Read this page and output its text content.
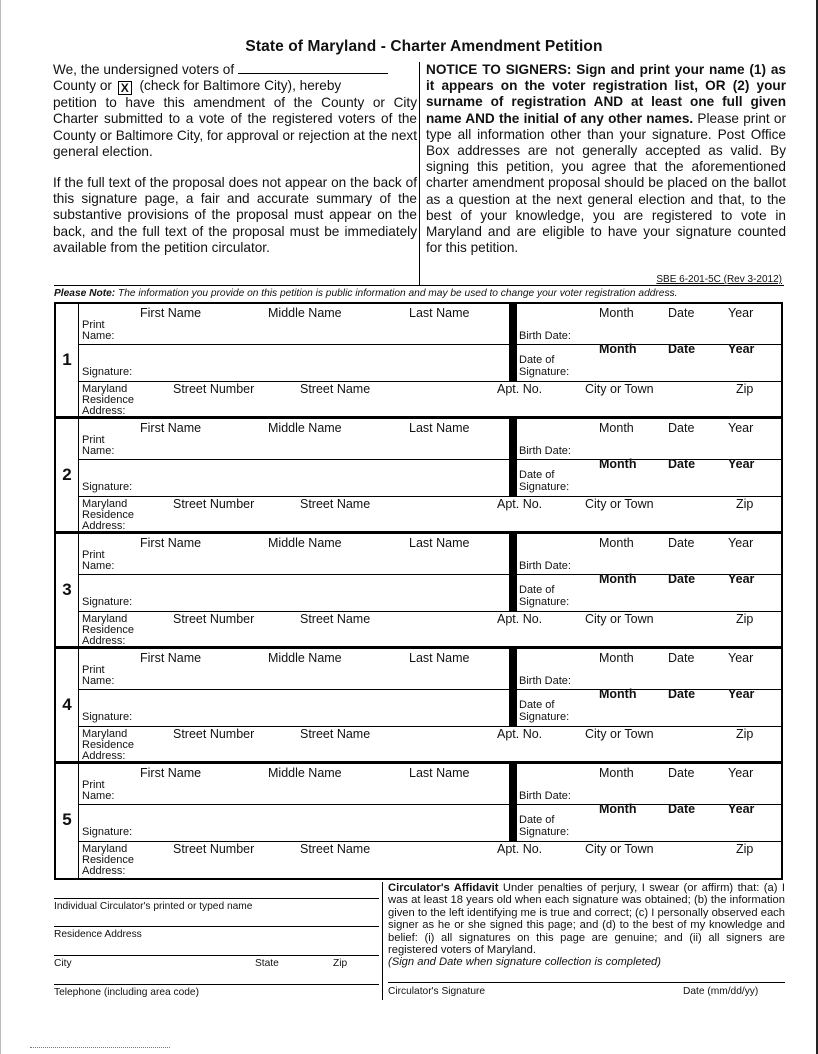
State of Maryland - Charter Amendment Petition
We, the undersigned voters of
County or X (check for Baltimore City), hereby
petition to have this amendment of the County or City Charter submitted to a vote of the registered voters of the County or Baltimore City, for approval or rejection at the next general election.
If the full text of the proposal does not appear on the back of this signature page, a fair and accurate summary of the substantive provisions of the proposal must appear on the back, and the full text of the proposal must be immediately available from the petition circulator.
NOTICE TO SIGNERS: Sign and print your name (1) as it appears on the voter registration list, OR (2) your surname of registration AND at least one full given name AND the initial of any other names. Please print or type all information other than your signature. Post Office Box addresses are not generally accepted as valid. By signing this petition, you agree that the aforementioned charter amendment proposal should be placed on the ballot as a question at the next general election and that, to the best of your knowledge, you are registered to vote in Maryland and are eligible to have your signature counted for this petition.
SBE 6-201-5C (Rev 3-2012)
Please Note: The information you provide on this petition is public information and may be used to change your voter registration address.
1
First Name	Middle Name	Last Name
Print
Name:
Month	Date	Year
Birth Date:
Month	Date	Year
Date of
Signature:
Signature:
Maryland
Residence
Address:
Street Number	Street Name	Apt. No.	City or Town	Zip
2
First Name	Middle Name	Last Name
Print
Name:
Month	Date	Year
Birth Date:
Month	Date	Year
Date of
Signature:
Signature:
Maryland
Residence
Address:
Street Number	Street Name	Apt. No.	City or Town	Zip
3
First Name	Middle Name	Last Name
Print
Name:
Month	Date	Year
Birth Date:
Month	Date	Year
Date of
Signature:
Signature:
Maryland
Residence
Address:
Street Number	Street Name	Apt. No.	City or Town	Zip
4
First Name	Middle Name	Last Name
Print
Name:
Month	Date	Year
Birth Date:
Month	Date	Year
Date of
Signature:
Signature:
Maryland
Residence
Address:
Street Number	Street Name	Apt. No.	City or Town	Zip
5
First Name	Middle Name	Last Name
Print
Name:
Month	Date	Year
Birth Date:
Month	Date	Year
Date of
Signature:
Signature:
Maryland
Residence
Address:
Street Number	Street Name	Apt. No.	City or Town	Zip
Individual Circulator's printed or typed name
Residence Address
City	State	Zip
Telephone (including area code)
Circulator's Affidavit Under penalties of perjury, I swear (or affirm) that: (a) I was at least 18 years old when each signature was obtained; (b) the information given to the left identifying me is true and correct; (c) I personally observed each signer as he or she signed this page; and (d) to the best of my knowledge and belief: (i) all signatures on this page are genuine; and (ii) all signers are registered voters of Maryland.
(Sign and Date when signature collection is completed)
Circulator's Signature	Date (mm/dd/yy)
